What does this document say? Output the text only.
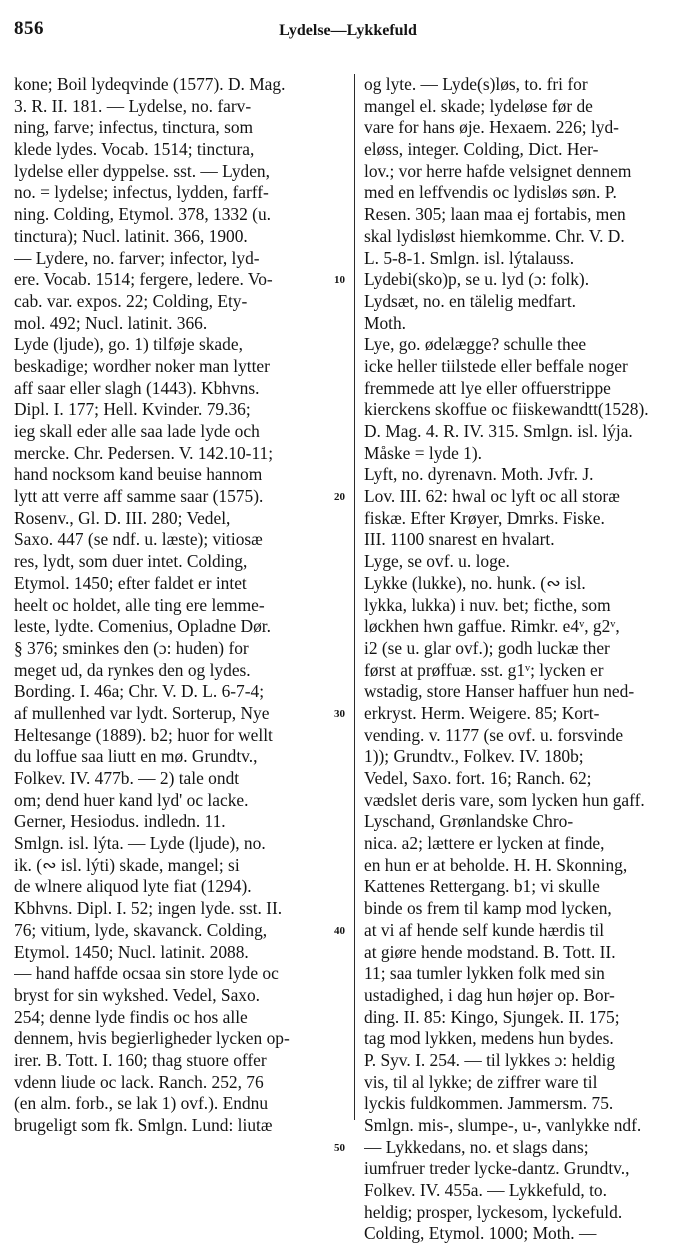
856	Lydelse—Lykkefuld
kone; Boil lydeqvinde (1577). D. Mag.
3. R. II. 181. — Lydelse, no. farv-
ning, farve; infectus, tinctura, som
klede lydes. Vocab. 1514; tinctura,
lydelse eller dyppelse. sst. — Lyden,
no. = lydelse; infectus, lydden, farff-
ning. Colding, Etymol. 378, 1332 (u.
tinctura); Nucl. latinit. 366, 1900.
— Lydere, no. farver; infector, lyd-
ere. Vocab. 1514; fergere, ledere. Vo-
cab. var. expos. 22; Colding, Ety-
mol. 492; Nucl. latinit. 366.
Lyde (ljude), go. 1) tilføje skade,
beskadige; wordher noker man lytter
aff saar eller slagh (1443). Kbhvns.
Dipl. I. 177; Hell. Kvinder. 79.36;
ieg skall eder alle saa lade lyde och
mercke. Chr. Pedersen. V. 142.10-11;
hand nocksom kand beuise hannom
lytt att verre aff samme saar (1575).
Rosenv., Gl. D. III. 280; Vedel,
Saxo. 447 (se ndf. u. læste); vitiosæ
res, lydt, som duer intet. Colding,
Etymol. 1450; efter faldet er intet
heelt oc holdet, alle ting ere lemme-
leste, lydte. Comenius, Opladne Dør.
§ 376; sminkes den (ɔ: huden) for
meget ud, da rynkes den og lydes.
Bording. I. 46a; Chr. V. D. L. 6-7-4;
af mullenhed var lydt. Sorterup, Nye
Heltesange (1889). b2; huor for wellt
du loffue saa liutt en mø. Grundtv.,
Folkev. IV. 477b. — 2) tale ondt
om; dend huer kand lyd' oc lacke.
Gerner, Hesiodus. indledn. 11.
Smlgn. isl. lýta. — Lyde (ljude), no.
ik. (∾ isl. lýti) skade, mangel; si
de wlnere aliquod lyte fiat (1294).
Kbhvns. Dipl. I. 52; ingen lyde. sst. II.
76; vitium, lyde, skavanck. Colding,
Etymol. 1450; Nucl. latinit. 2088.
— hand haffde ocsaa sin store lyde oc
bryst for sin wykshed. Vedel, Saxo.
254; denne lyde findis oc hos alle
dennem, hvis begierligheder lycken op-
irer. B. Tott. I. 160; thag stuore offer
vdenn liude oc lack. Ranch. 252, 76
(en alm. forb., se lak 1) ovf.). Endnu
brugeligt som fk. Smlgn. Lund: liutæ
10
20
30
40
50
og lyte. — Lyde(s)løs, to. fri for
mangel el. skade; lydeløse før de
vare for hans øje. Hexaem. 226; lyd-
eløss, integer. Colding, Dict. Her-
lov.; vor herre hafde velsignet dennem
med en leffvendis oc lydisløs søn. P.
Resen. 305; laan maa ej fortabis, men
skal lydisløst hiemkomme. Chr. V. D.
L. 5-8-1. Smlgn. isl. lýtalauss.
Lydebi(sko)p, se u. lyd (ɔ: folk).
Lydsæt, no. en tälelig medfart.
Moth.
Lye, go. ødelægge? schulle thee
icke heller tiilstede eller beffale noger
fremmede att lye eller offuerstrippe
kierckens skoffue oc fiiskewandtt(1528).
D. Mag. 4. R. IV. 315. Smlgn. isl. lýja.
Måske = lyde 1).
Lyft, no. dyrenavn. Moth. Jvfr. J.
Lov. III. 62: hwal oc lyft oc all storæ
fiskæ. Efter Krøyer, Dmrks. Fiske.
III. 1100 snarest en hvalart.
Lyge, se ovf. u. loge.
Lykke (lukke), no. hunk. (∾ isl.
lykka, lukka) i nuv. bet; ficthe, som
løckhen hwn gaffue. Rimkr. e4ᵛ, g2ᵛ,
i2 (se u. glar ovf.); godh luckæ ther
først at prøffuæ. sst. g1ᵛ; lycken er
wstadig, store Hanser haffuer hun ned-
erkryst. Herm. Weigere. 85; Kort-
vending. v. 1177 (se ovf. u. forsvinde
1)); Grundtv., Folkev. IV. 180b;
Vedel, Saxo. fort. 16; Ranch. 62;
vædslet deris vare, som lycken hun gaff.
Lyschand, Grønlandske Chro-
nica. a2; lættere er lycken at finde,
en hun er at beholde. H. H. Skonning,
Kattenes Rettergang. b1; vi skulle
binde os frem til kamp mod lycken,
at vi af hende self kunde hærdis til
at giøre hende modstand. B. Tott. II.
11; saa tumler lykken folk med sin
ustadighed, i dag hun højer op. Bor-
ding. II. 85: Kingo, Sjungek. II. 175;
tag mod lykken, medens hun bydes.
P. Syv. I. 254. — til lykkes ɔ: heldig
vis, til al lykke; de ziffrer ware til
lyckis fuldkommen. Jammersm. 75.
Smlgn. mis-, slumpe-, u-, vanlykke ndf.
— Lykkedans, no. et slags dans;
iumfruer treder lycke-dantz. Grundtv.,
Folkev. IV. 455a. — Lykkefuld, to.
heldig; prosper, lyckesom, lyckefuld.
Colding, Etymol. 1000; Moth. —
